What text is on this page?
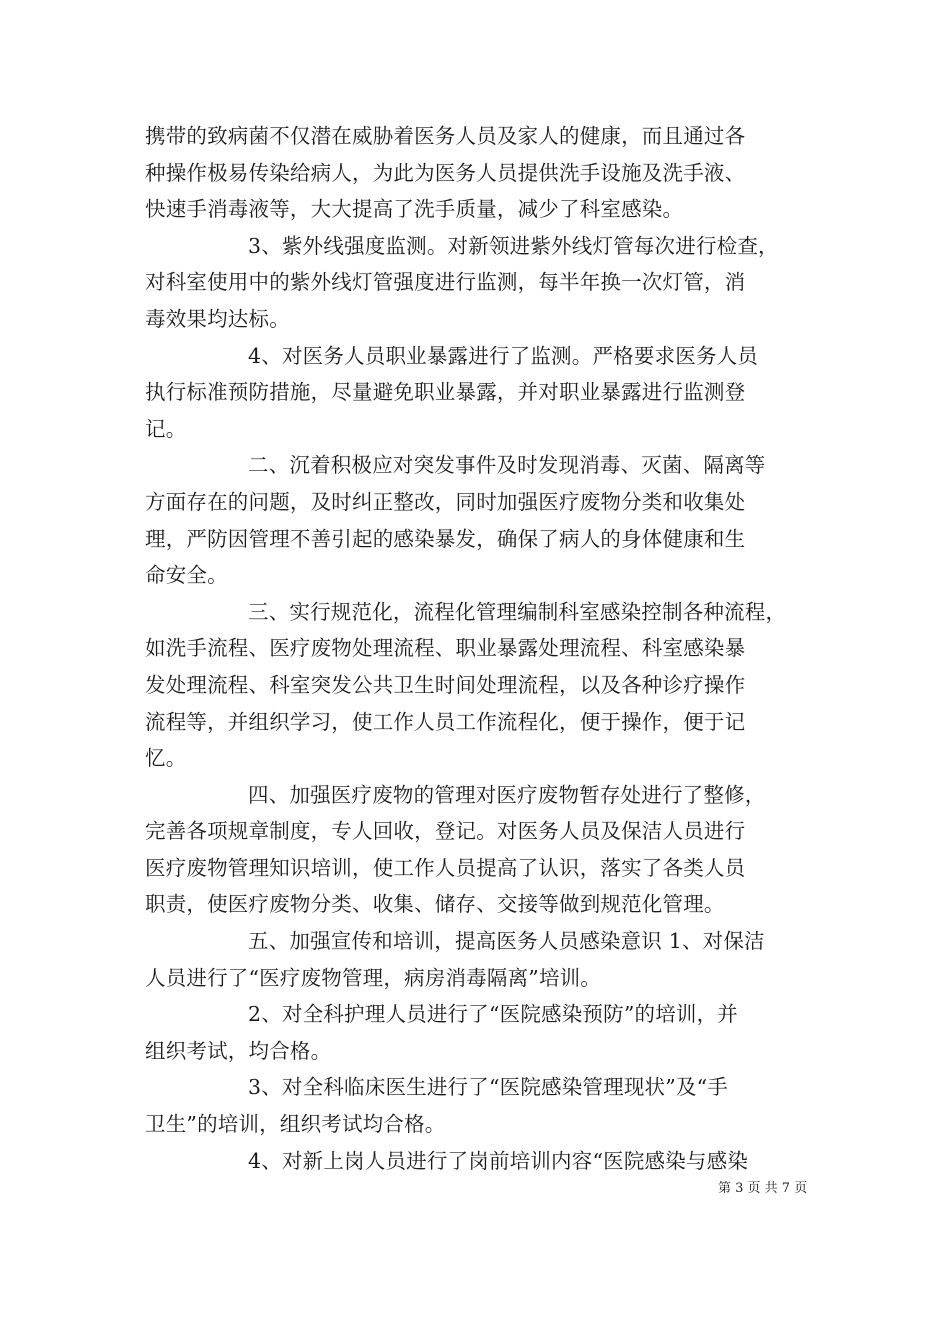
携带的致病菌不仅潜在威胁着医务人员及家人的健康，而且通过各
种操作极易传染给病人，为此为医务人员提供洗手设施及洗手液、
快速手消毒液等，大大提高了洗手质量，减少了科室感染。
3、紫外线强度监测。对新领进紫外线灯管每次进行检查，
对科室使用中的紫外线灯管强度进行监测，每半年换一次灯管，消
毒效果均达标。
4、对医务人员职业暴露进行了监测。严格要求医务人员
执行标准预防措施，尽量避免职业暴露，并对职业暴露进行监测登
记。
二、沉着积极应对突发事件及时发现消毒、灭菌、隔离等
方面存在的问题，及时纠正整改，同时加强医疗废物分类和收集处
理，严防因管理不善引起的感染暴发，确保了病人的身体健康和生
命安全。
三、实行规范化，流程化管理编制科室感染控制各种流程，
如洗手流程、医疗废物处理流程、职业暴露处理流程、科室感染暴
发处理流程、科室突发公共卫生时间处理流程，以及各种诊疗操作
流程等，并组织学习，使工作人员工作流程化，便于操作，便于记
忆。
四、加强医疗废物的管理对医疗废物暂存处进行了整修，
完善各项规章制度，专人回收，登记。对医务人员及保洁人员进行
医疗废物管理知识培训，使工作人员提高了认识，落实了各类人员
职责，使医疗废物分类、收集、储存、交接等做到规范化管理。
五、加强宣传和培训，提高医务人员感染意识 1、对保洁
人员进行了“医疗废物管理，病房消毒隔离”培训。
2、对全科护理人员进行了“医院感染预防”的培训，并
组织考试，均合格。
3、对全科临床医生进行了“医院感染管理现状”及“手
卫生”的培训，组织考试均合格。
4、对新上岗人员进行了岗前培训内容“医院感染与感染
第 3 页 共 7 页
